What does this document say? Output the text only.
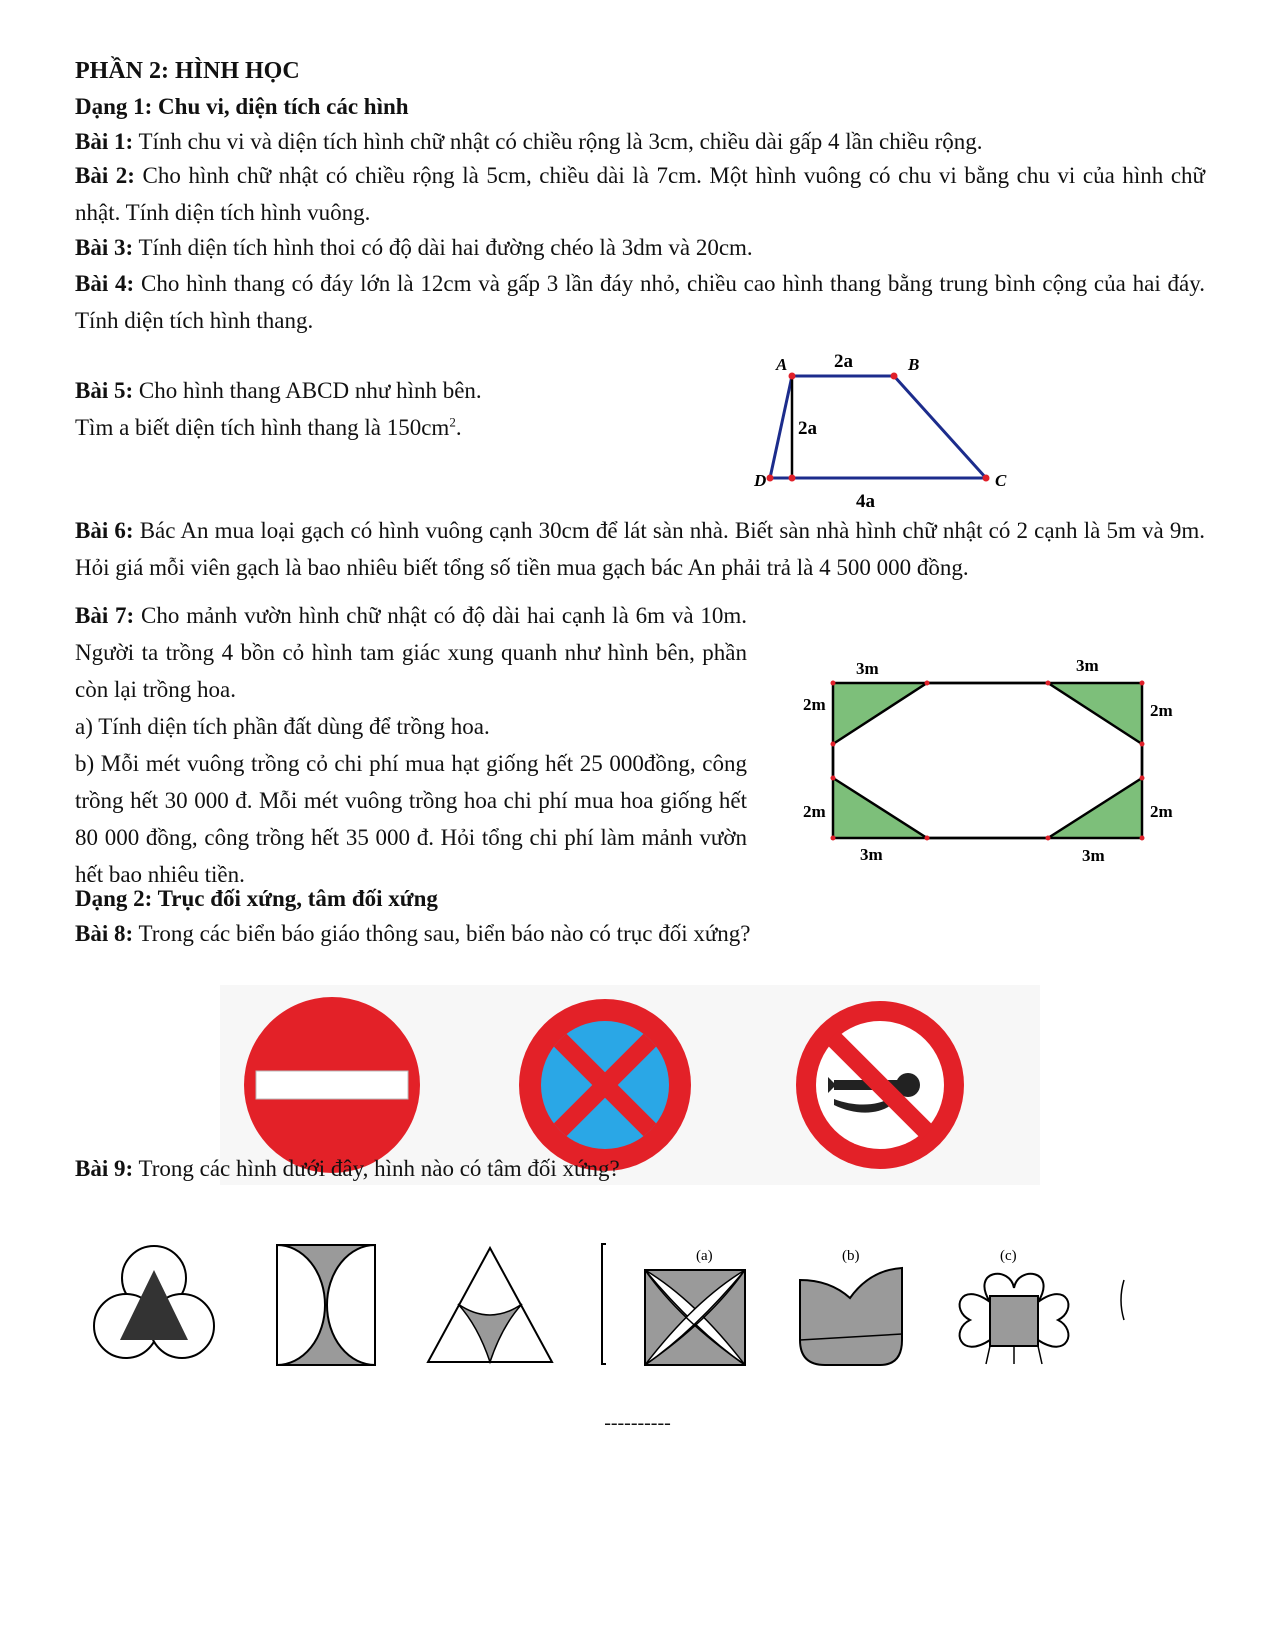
PHẦN 2: HÌNH HỌC
Dạng 1: Chu vi, diện tích các hình
Bài 1: Tính chu vi và diện tích hình chữ nhật có chiều rộng là 3cm, chiều dài gấp 4 lần chiều rộng.
Bài 2: Cho hình chữ nhật có chiều rộng là 5cm, chiều dài là 7cm. Một hình vuông có chu vi bằng chu vi của hình chữ nhật. Tính diện tích hình vuông.
Bài 3: Tính diện tích hình thoi có độ dài hai đường chéo là 3dm và 20cm.
Bài 4: Cho hình thang có đáy lớn là 12cm và gấp 3 lần đáy nhỏ, chiều cao hình thang bằng trung bình cộng của hai đáy. Tính diện tích hình thang.
Bài 5: Cho hình thang ABCD như hình bên.
Tìm a biết diện tích hình thang là $150cm^2$.
A	B
C
D
2a
2a
4a
Bài 6: Bác An mua loại gạch có hình vuông cạnh 30cm để lát sàn nhà. Biết sàn nhà hình chữ nhật có 2 cạnh là 5m và 9m. Hỏi giá mỗi viên gạch là bao nhiêu biết tổng số tiền mua gạch bác An phải trả là 4 500 000 đồng.
Bài 7: Cho mảnh vườn hình chữ nhật có độ dài hai cạnh là 6m và 10m. Người ta trồng 4 bồn cỏ hình tam giác xung quanh như hình bên, phần còn lại trồng hoa.
a) Tính diện tích phần đất dùng để trồng hoa.
b) Mỗi mét vuông trồng cỏ chi phí mua hạt giống hết 25 000đồng, công trồng hết 30 000 đ. Mỗi mét vuông trồng hoa chi phí mua hoa giống hết 80 000 đồng, công trồng hết 35 000 đ. Hỏi tổng chi phí làm mảnh vườn hết bao nhiêu tiền.
3m	3m
3m	3m
2m
2m
2m
2m
Dạng 2: Trục đối xứng, tâm đối xứng
Bài 8: Trong các biển báo giáo thông sau, biển báo nào có trục đối xứng?
Bài 9: Trong các hình dưới đây, hình nào có tâm đối xứng?
(a)	(b)	(c)
----------
